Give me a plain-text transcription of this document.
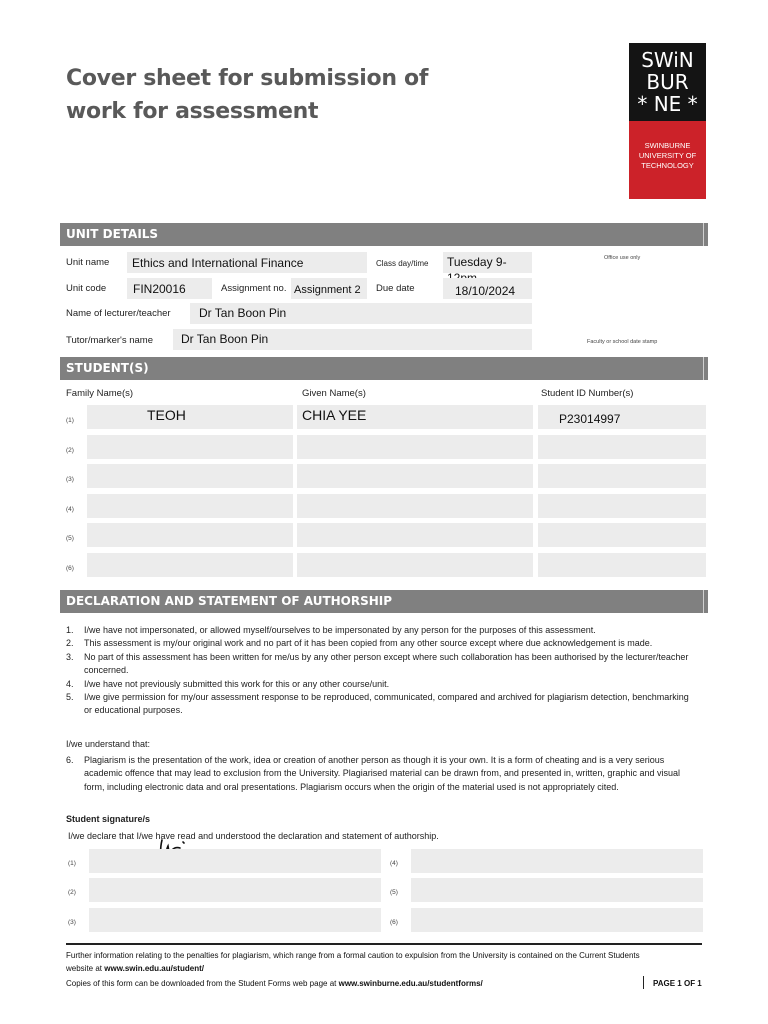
Cover sheet for submission of
work for assessment
SWiN
BUR
* NE *
SWINBURNE
UNIVERSITY OF
TECHNOLOGY
UNIT DETAILS
Unit name Ethics and International Finance	Class day/time Tuesday 9-	Office use only
Unit code FIN20016	Assignment no. Assignment 2 Due date	18/10/2024
Name of lecturer/teacher Dr Tan Boon Pin
Tutor/marker's name Dr Tan Boon Pin	Faculty or school date stamp
STUDENT(S)
Family Name(s)	Given Name(s)	Student ID Number(s)
(1)	TEOH	CHIA YEE	P23014997
(2)
(3)
(4)
(5)
(6)
DECLARATION AND STATEMENT OF AUTHORSHIP
1. I/we have not impersonated, or allowed myself/ourselves to be impersonated by any person for the purposes of this assessment.
2. This assessment is my/our original work and no part of it has been copied from any other source except where due acknowledgement is made.
3. No part of this assessment has been written for me/us by any other person except where such collaboration has been authorised by the lecturer/teacher concerned.
4. I/we have not previously submitted this work for this or any other course/unit.
5. I/we give permission for my/our assessment response to be reproduced, communicated, compared and archived for plagiarism detection, benchmarking or educational purposes.
I/we understand that:
6. Plagiarism is the presentation of the work, idea or creation of another person as though it is your own. It is a form of cheating and is a very serious academic offence that may lead to exclusion from the University. Plagiarised material can be drawn from, and presented in, written, graphic and visual form, including electronic data and oral presentations. Plagiarism occurs when the origin of the material used is not appropriately cited.
Student signature/s
I/we declare that I/we have read and understood the declaration and statement of authorship.
(1)	(4)
(2)	(5)
(3)	(6)
Further information relating to the penalties for plagiarism, which range from a formal caution to expulsion from the University is contained on the Current Students
website at www.swin.edu.au/student/
Copies of this form can be downloaded from the Student Forms web page at www.swinburne.edu.au/studentforms/	PAGE 1 OF 1
